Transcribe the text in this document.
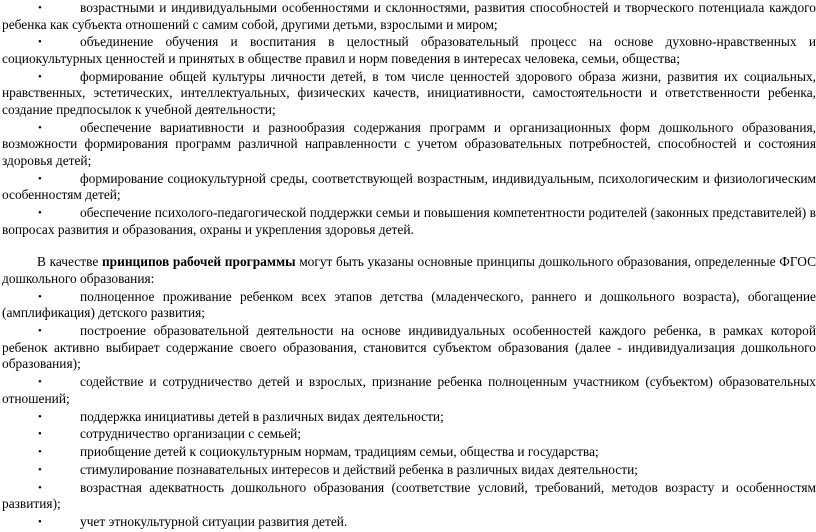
•	возрастными и индивидуальными особенностями и склонностями, развития способностей и творческого потенциала каждого ребенка как субъекта отношений с самим собой, другими детьми, взрослыми и миром;

•	объединение обучения и воспитания в целостный образовательный процесс на основе духовно-нравственных и социокультурных ценностей и принятых в обществе правил и норм поведения в интересах человека, семьи, общества;

•	формирование общей культуры личности детей, в том числе ценностей здорового образа жизни, развития их социальных, нравственных, эстетических, интеллектуальных, физических качеств, инициативности, самостоятельности и ответственности ребенка, создание предпосылок к учебной деятельности;

•	обеспечение вариативности и разнообразия содержания программ и организационных форм дошкольного образования, возможности формирования программ различной направленности с учетом образовательных потребностей, способностей и состояния здоровья детей;

•	формирование социокультурной среды, соответствующей возрастным, индивидуальным, психологическим и физиологическим особенностям детей;

•	обеспечение психолого-педагогической поддержки семьи и повышения компетентности родителей (законных представителей) в вопросах развития и образования, охраны и укрепления здоровья детей.

В качестве принципов рабочей программы могут быть указаны основные принципы дошкольного образования, определенные ФГОС дошкольного образования:

•	полноценное проживание ребенком всех этапов детства (младенческого, раннего и дошкольного возраста), обогащение (амплификация) детского развития;

•	построение образовательной деятельности на основе индивидуальных особенностей каждого ребенка, в рамках которой ребенок активно выбирает содержание своего образования, становится субъектом образования (далее - индивидуализация дошкольного образования);

•	содействие и сотрудничество детей и взрослых, признание ребенка полноценным участником (субъектом) образовательных отношений;

•	поддержка инициативы детей в различных видах деятельности;

•	сотрудничество организации с семьей;

•	приобщение детей к социокультурным нормам, традициям семьи, общества и государства;

•	стимулирование познавательных интересов и действий ребенка в различных видах деятельности;

•	возрастная адекватность дошкольного образования (соответствие условий, требований, методов возрасту и особенностям развития);

•	учет этнокультурной ситуации развития детей.
